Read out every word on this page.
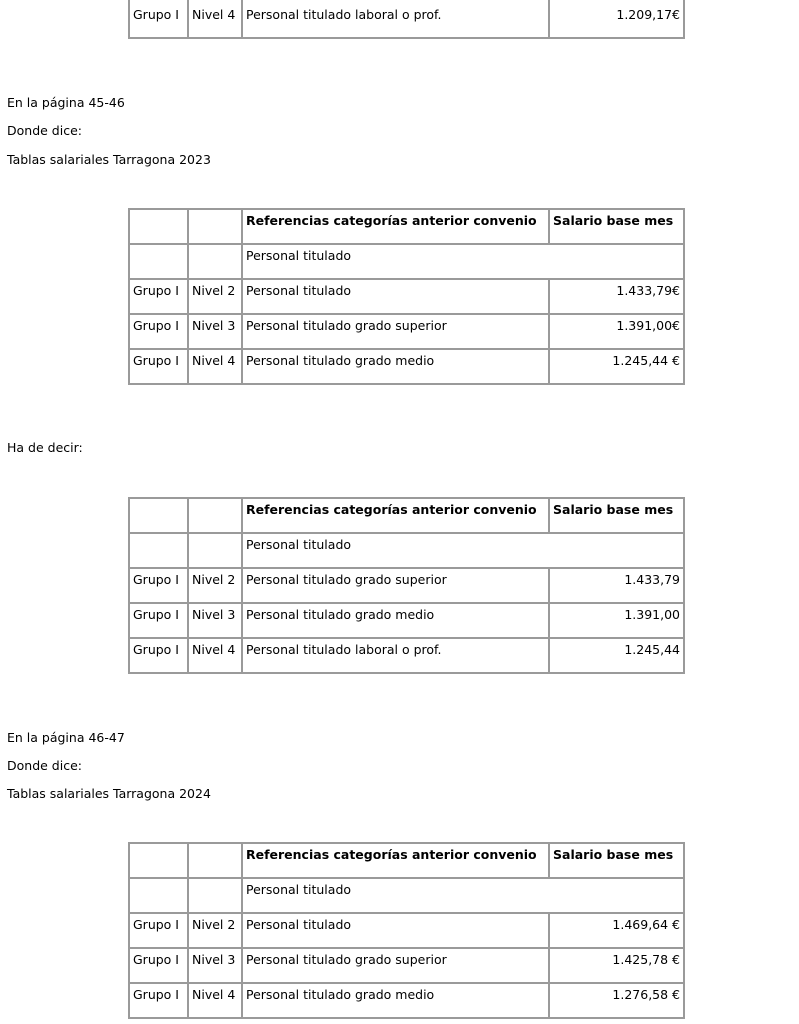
Grupo I	Nivel 4	Personal titulado laboral o prof.	1.209,17€

En la página 45-46

Donde dice:

Tablas salariales Tarragona 2023

		Referencias categorías anterior convenio	Salario base mes
		Personal titulado	
Grupo I	Nivel 2	Personal titulado	1.433,79€
Grupo I	Nivel 3	Personal titulado grado superior	1.391,00€
Grupo I	Nivel 4	Personal titulado grado medio	1.245,44 €
		Referencias categorías anterior convenio	Salario base mes
		Personal titulado	
Grupo I	Nivel 2	Personal titulado grado superior	1.433,79
Grupo I	Nivel 3	Personal titulado grado medio	1.391,00
Grupo I	Nivel 4	Personal titulado laboral o prof.	1.245,44
		Referencias categorías anterior convenio	Salario base mes
		Personal titulado	
Grupo I	Nivel 2	Personal titulado	1.469,64 €
Grupo I	Nivel 3	Personal titulado grado superior	1.425,78 €
Grupo I	Nivel 4	Personal titulado grado medio	1.276,58 €

Ha de decir:

En la página 46-47

Donde dice:

Tablas salariales Tarragona 2024
